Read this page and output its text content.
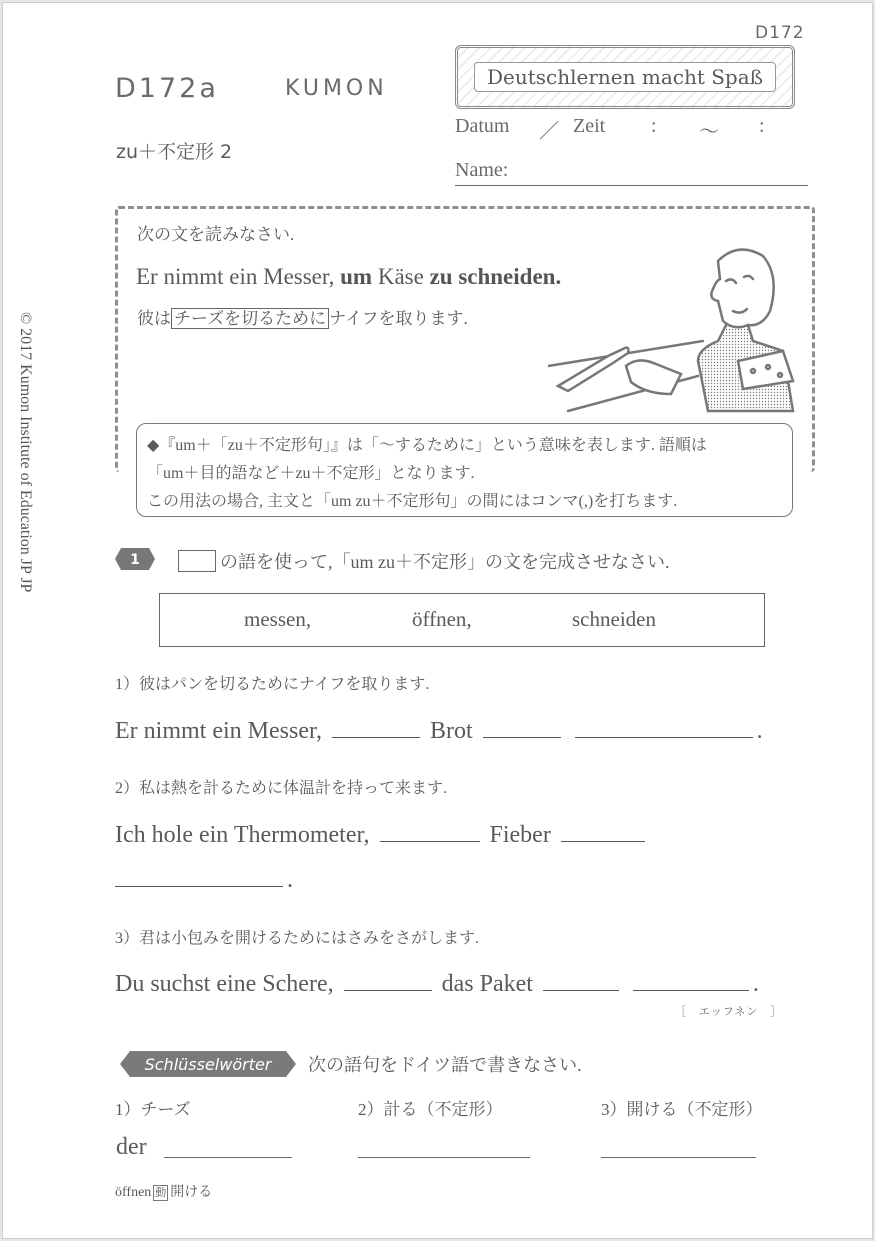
D172a	KUMON
zu＋不定形 2
D172
Deutschlernen macht Spaß
Datum ／ Zeit : 〜 :
Name:
© 2017 Kumon Institute of Education JP JP
次の文を読みなさい.
Er nimmt ein Messer, um Käse zu schneiden.
彼は チーズを切るために ナイフを取ります.
◆『um＋「zu＋不定形句」』は「〜するために」という意味を表します. 語順は
「um＋目的語など＋zu＋不定形」となります.
この用法の場合, 主文と「um zu＋不定形句」の間にはコンマ(,)を打ちます.
1	の語を使って,「um zu＋不定形」の文を完成させなさい.
messen,	öffnen,	schneiden
1）彼はパンを切るためにナイフを取ります.
Er nimmt ein Messer,	Brot	.
2）私は熱を計るために体温計を持って来ます.
Ich hole ein Thermometer,	Fieber
.
3）君は小包みを開けるためにはさみをさがします.
Du suchst eine Schere,	das Paket	.
［　エッフネン　］
Schlüsselwörter 次の語句をドイツ語で書きなさい.
1）チーズ	2）計る（不定形）	3）開ける（不定形）
der
öffnen 動 開ける
